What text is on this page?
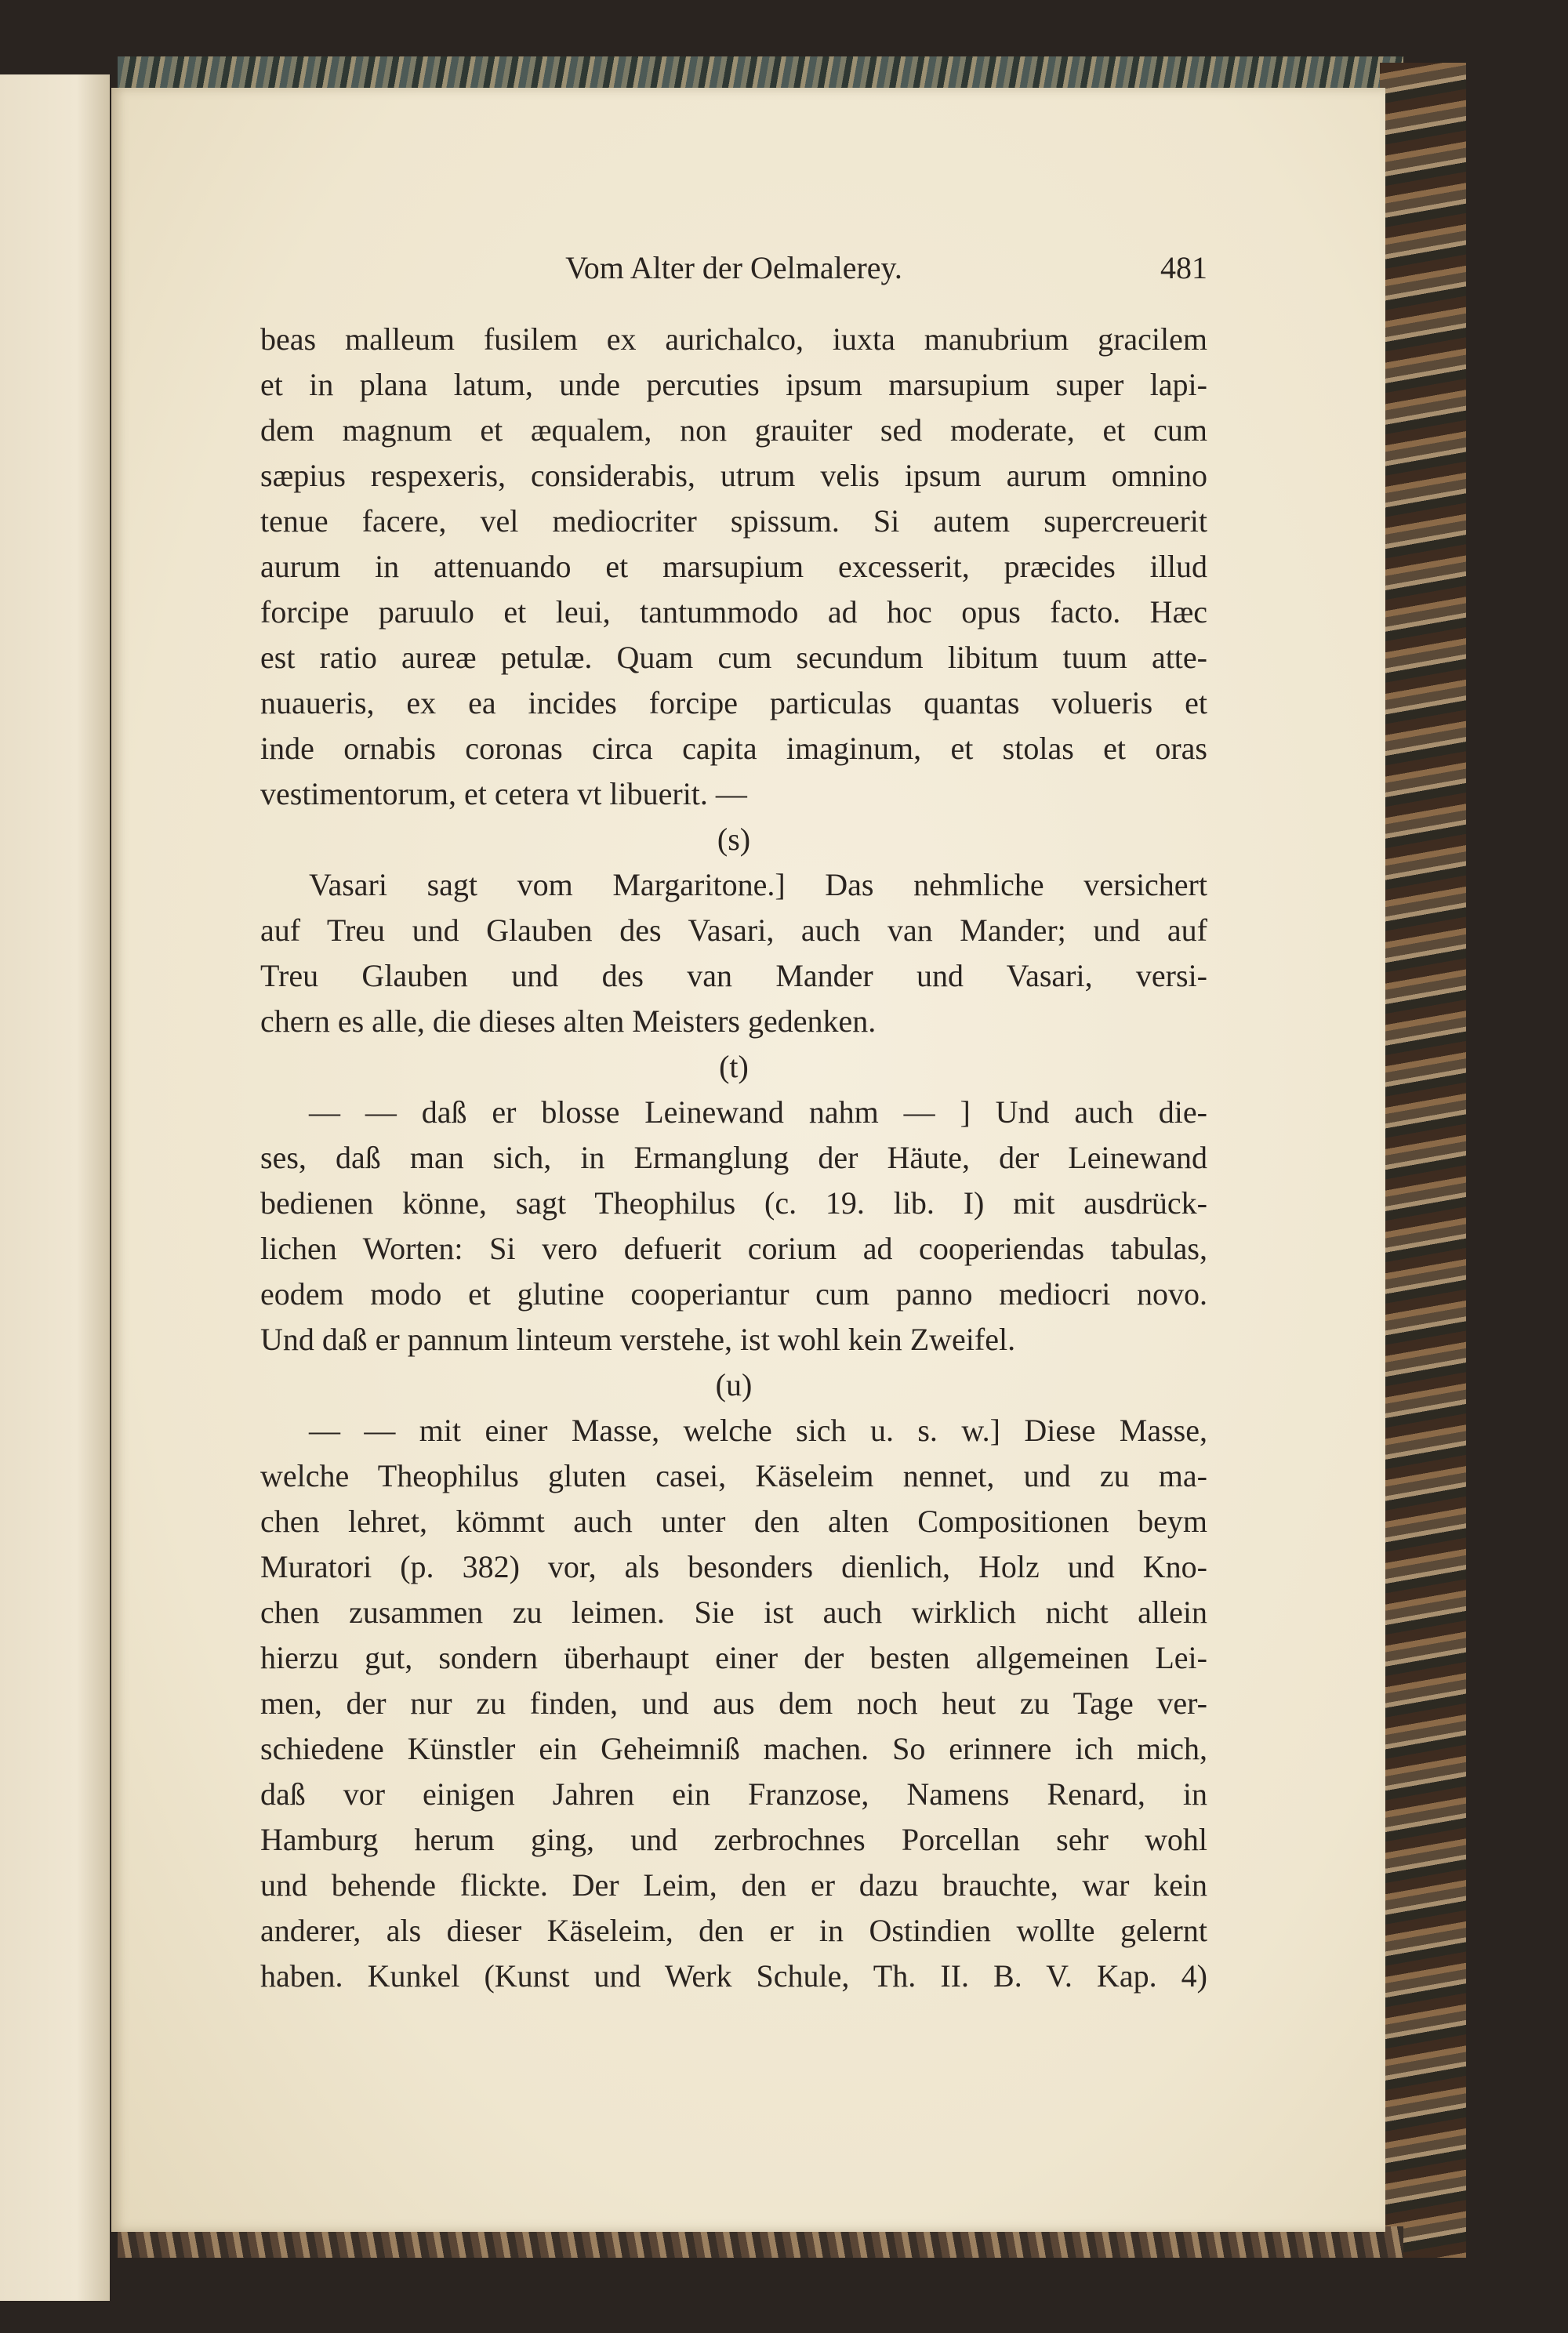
Vom Alter der Oelmalerey.	481
beas malleum fusilem ex aurichalco, iuxta manubrium gracilem
et in plana latum, unde percuties ipsum marsupium super lapi-
dem magnum et æqualem, non grauiter sed moderate, et cum
sæpius respexeris, considerabis, utrum velis ipsum aurum omnino
tenue facere, vel mediocriter spissum. Si autem supercreuerit
aurum in attenuando et marsupium excesserit, præcides illud
forcipe paruulo et leui, tantummodo ad hoc opus facto. Hæc
est ratio aureæ petulæ. Quam cum secundum libitum tuum atte-
nuaueris, ex ea incides forcipe particulas quantas volueris et
inde ornabis coronas circa capita imaginum, et stolas et oras
vestimentorum, et cetera vt libuerit. —
(s)
Vasari sagt vom Margaritone.] Das nehmliche versichert
auf Treu und Glauben des Vasari, auch van Mander; und auf
Treu Glauben und des van Mander und Vasari, versi-
chern es alle, die dieses alten Meisters gedenken.
(t)
— — daß er blosse Leinewand nahm — ] Und auch die-
ses, daß man sich, in Ermanglung der Häute, der Leinewand
bedienen könne, sagt Theophilus (c. 19. lib. I) mit ausdrück-
lichen Worten: Si vero defuerit corium ad cooperiendas tabulas,
eodem modo et glutine cooperiantur cum panno mediocri novo.
Und daß er pannum linteum verstehe, ist wohl kein Zweifel.
(u)
— — mit einer Masse, welche sich u. s. w.] Diese Masse,
welche Theophilus gluten casei, Käseleim nennet, und zu ma-
chen lehret, kömmt auch unter den alten Compositionen beym
Muratori (p. 382) vor, als besonders dienlich, Holz und Kno-
chen zusammen zu leimen. Sie ist auch wirklich nicht allein
hierzu gut, sondern überhaupt einer der besten allgemeinen Lei-
men, der nur zu finden, und aus dem noch heut zu Tage ver-
schiedene Künstler ein Geheimniß machen. So erinnere ich mich,
daß vor einigen Jahren ein Franzose, Namens Renard, in
Hamburg herum ging, und zerbrochnes Porcellan sehr wohl
und behende flickte. Der Leim, den er dazu brauchte, war kein
anderer, als dieser Käseleim, den er in Ostindien wollte gelernt
haben. Kunkel (Kunst und Werk Schule, Th. II. B. V. Kap. 4)
